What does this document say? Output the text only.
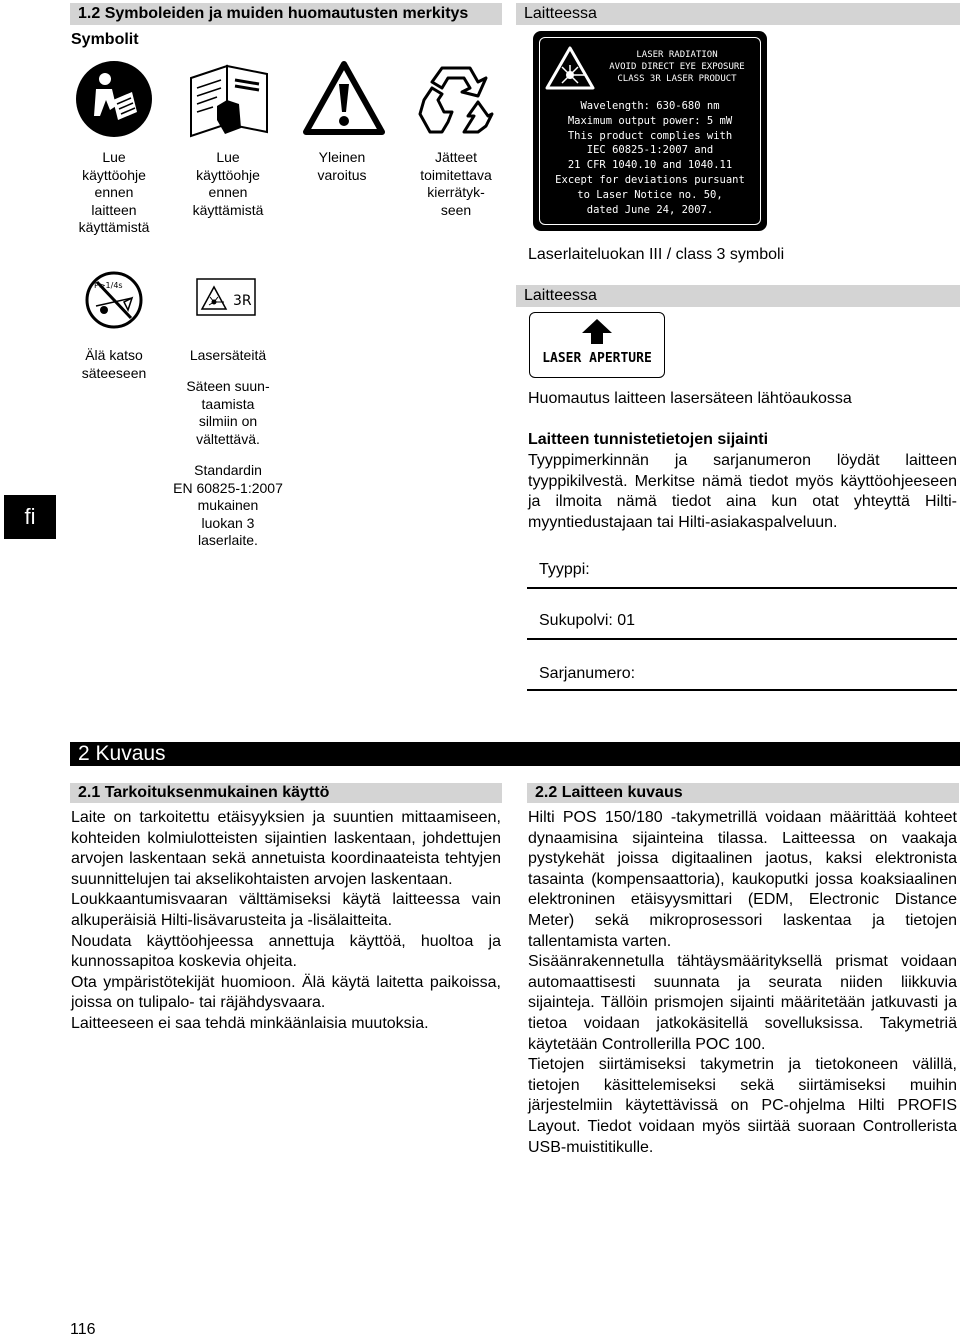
1.2 Symboleiden ja muiden huomautusten merkitys
Symbolit
Lue
käyttöohje
ennen
laitteen
käyttämistä
Lue
käyttöohje
ennen
käyttämistä
Yleinen
varoitus
Jätteet
toimitettava
kierrätyk-
seen
P>1/4s
3R
Älä katso
säteeseen
Lasersäteitä
Säteen suun-
taamista
silmiin on
vältettävä.
Standardin
EN 60825-1:2007
mukainen
luokan 3
laserlaite.
fi
Laitteessa
LASER RADIATION
AVOID DIRECT EYE EXPOSURE
CLASS 3R LASER PRODUCT
Wavelength: 630-680 nm
Maximum output power: 5 mW
This product complies with
IEC 60825-1:2007 and
21 CFR 1040.10 and 1040.11
Except for deviations pursuant
to Laser Notice no. 50,
dated June 24, 2007.
Laserlaiteluokan III / class 3 symboli
Laitteessa
LASER APERTURE
Huomautus laitteen lasersäteen lähtöaukossa
Laitteen tunnistetietojen sijainti
Tyyppimerkinnän ja sarjanumeron löydät laitteen tyyppikilvestä. Merkitse nämä tiedot myös käyttöohjeeseen ja ilmoita nämä tiedot aina kun otat yhteyttä Hilti-myyntiedustajaan tai Hilti-asiakaspalveluun.
Tyyppi:
Sukupolvi: 01
Sarjanumero:
2 Kuvaus
2.1 Tarkoituksenmukainen käyttö

Laite on tarkoitettu etäisyyksien ja suuntien mittaamiseen, kohteiden kolmiulotteisten sijaintien laskentaan, johdettujen arvojen laskentaan sekä annetuista koordinaateista tehtyjen suunnittelujen tai akselikohtaisten arvojen laskentaan.

Loukkaantumisvaaran välttämiseksi käytä laitteessa vain alkuperäisiä Hilti-lisävarusteita ja -lisälaitteita.

Noudata käyttöohjeessa annettuja käyttöä, huoltoa ja kunnossapitoa koskevia ohjeita.

Ota ympäristötekijät huomioon. Älä käytä laitetta paikoissa, joissa on tulipalo- tai räjähdysvaara.

Laitteeseen ei saa tehdä minkäänlaisia muutoksia.

2.2 Laitteen kuvaus

Hilti POS 150/180 -takymetrillä voidaan määrittää kohteet dynaamisina sijainteina tilassa. Laitteessa on vaakaja pystykehät joissa digitaalinen jaotus, kaksi elektronista tasainta (kompensaattoria), kaukoputki jossa koaksiaalinen elektroninen etäisyysmittari (EDM, Electronic Distance Meter) sekä mikroprosessori laskentaa ja tietojen tallentamista varten.

Sisäänrakennetulla tähtäysmäärityksellä prismat voidaan automaattisesti suunnata ja seurata niiden liikkuvia sijainteja. Tällöin prismojen sijainti määritetään jatkuvasti ja tietoa voidaan jatkokäsitellä sovelluksissa. Takymetriä käytetään Controllerilla POC 100.

Tietojen siirtämiseksi takymetrin ja tietokoneen välillä, tietojen käsittelemiseksi sekä siirtämiseksi muihin järjestelmiin käytettävissä on PC-ohjelma Hilti PROFIS Layout. Tiedot voidaan myös siirtää suoraan Controllerista USB-muistitikulle.

116
